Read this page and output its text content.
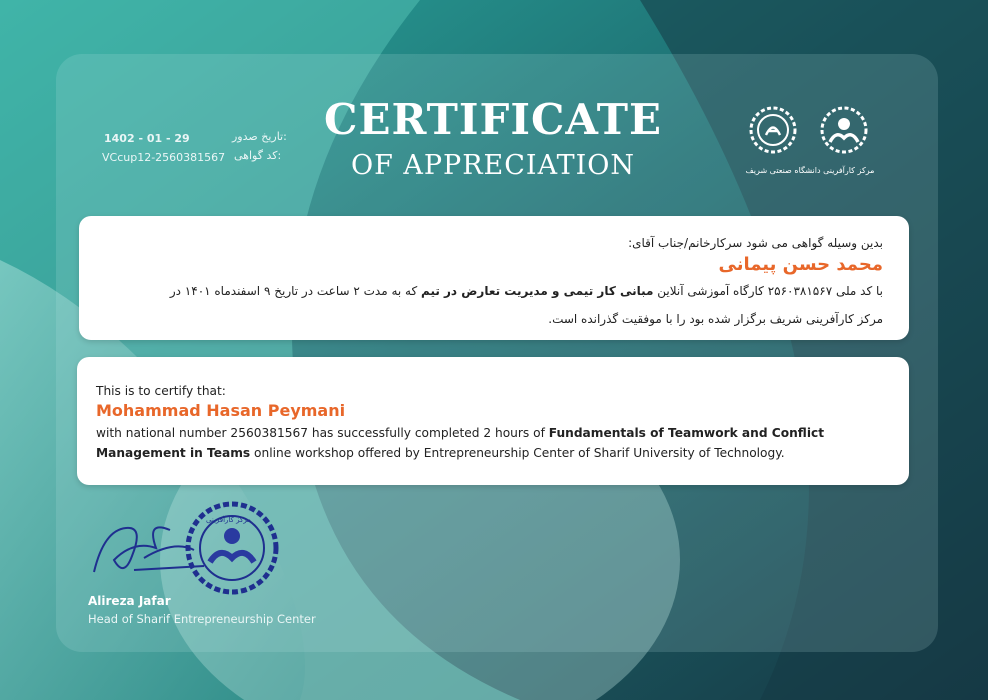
CERTIFICATE
OF APPRECIATION
تاریخ صدور:
1402 - 01 - 29
کد گواهی:
VCcup12-2560381567
مرکز کارآفرینی دانشگاه صنعتی شریف
بدین وسیله گواهی می شود سرکارخانم/جناب آقای:
محمد حسن پیمانی
با کد ملی ۲۵۶۰۳۸۱۵۶۷ کارگاه آموزشی آنلاین مبانی کار تیمی و مدیریت تعارض در تیم که به مدت ۲ ساعت در تاریخ ۹ اسفندماه ۱۴۰۱ در
مرکز کارآفرینی شریف برگزار شده بود را با موفقیت گذرانده است.
This is to certify that:
Mohammad Hasan Peymani
with national number 2560381567 has successfully completed 2 hours of Fundamentals of Teamwork and Conflict Management in Teams online workshop offered by Entrepreneurship Center of Sharif University of Technology.
مرکز کارآفرینی
Alireza Jafar
Head of Sharif Entrepreneurship Center
